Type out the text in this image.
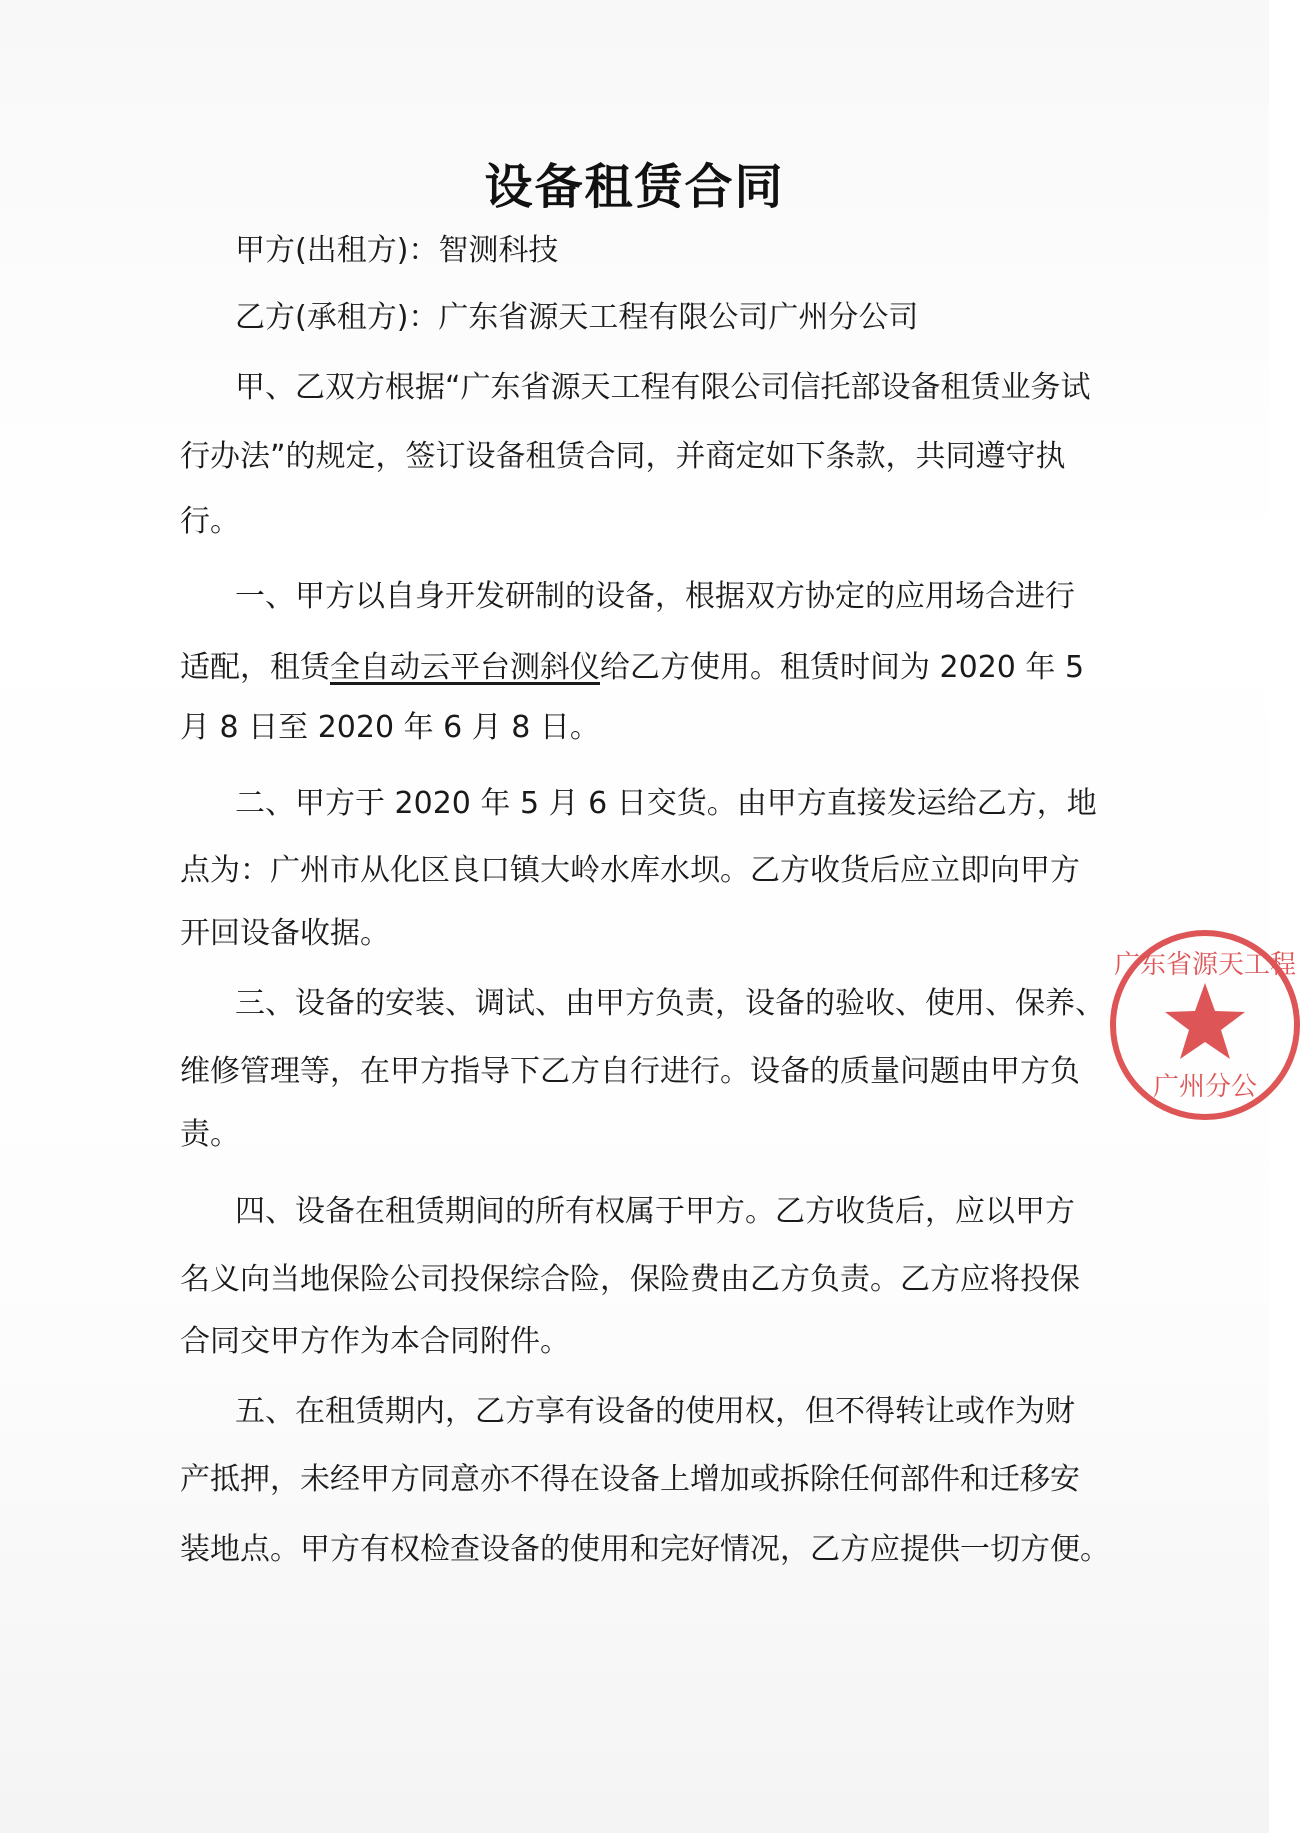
设备租赁合同
甲方(出租方)：智测科技
乙方(承租方)：广东省源天工程有限公司广州分公司
甲、乙双方根据“广东省源天工程有限公司信托部设备租赁业务试
行办法”的规定，签订设备租赁合同，并商定如下条款，共同遵守执
行。
一、甲方以自身开发研制的设备，根据双方协定的应用场合进行
适配，租赁全自动云平台测斜仪给乙方使用。租赁时间为 2020 年 5
月 8 日至 2020 年 6 月 8 日。
二、甲方于 2020 年 5 月 6 日交货。由甲方直接发运给乙方，地
点为：广州市从化区良口镇大岭水库水坝。乙方收货后应立即向甲方
开回设备收据。
三、设备的安装、调试、由甲方负责，设备的验收、使用、保养、
维修管理等，在甲方指导下乙方自行进行。设备的质量问题由甲方负
责。
四、设备在租赁期间的所有权属于甲方。乙方收货后，应以甲方
名义向当地保险公司投保综合险，保险费由乙方负责。乙方应将投保
合同交甲方作为本合同附件。
五、在租赁期内，乙方享有设备的使用权，但不得转让或作为财
产抵押，未经甲方同意亦不得在设备上增加或拆除任何部件和迁移安
装地点。甲方有权检查设备的使用和完好情况，乙方应提供一切方便。
广东省源天工程
广州分公
